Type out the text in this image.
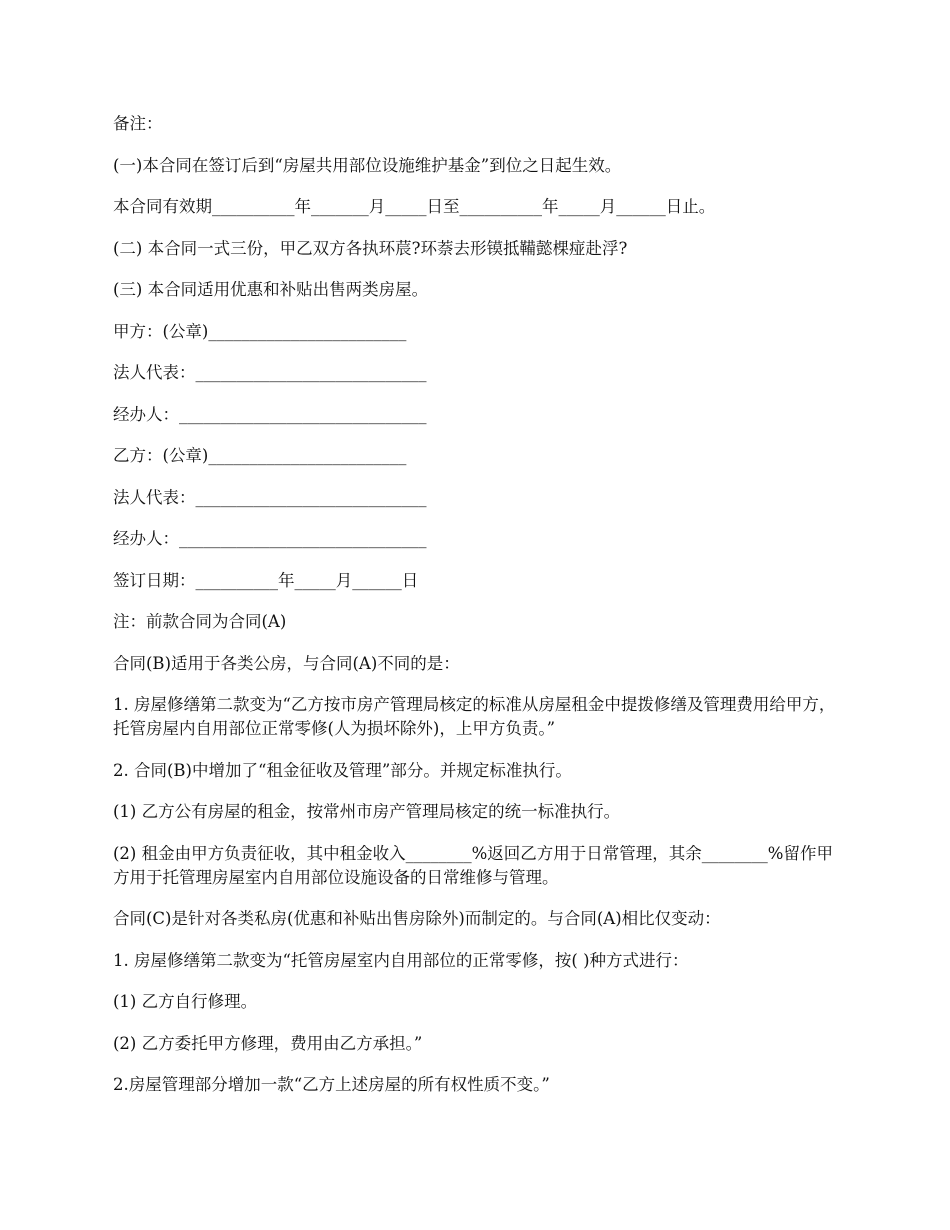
备注：

(一)本合同在签订后到“房屋共用部位设施维护基金”到位之日起生效。

本合同有效期__________年_______月_____日至__________年_____月______日止。

(二) 本合同一式三份，甲乙双方各执环莀?环萘去形镆抵鞴懿棵痖赴浮?

(三) 本合同适用优惠和补贴出售两类房屋。

甲方：(公章)________________________

法人代表：____________________________

经办人：______________________________

乙方：(公章)________________________

法人代表：____________________________

经办人：______________________________

签订日期：__________年_____月______日

注：前款合同为合同(A)

合同(B)适用于各类公房，与合同(A)不同的是：

1. 房屋修缮第二款变为“乙方按市房产管理局核定的标准从房屋租金中提拨修缮及管理费用给甲方，托管房屋内自用部位正常零修(人为损坏除外)，上甲方负责。”

2. 合同(B)中增加了“租金征收及管理”部分。并规定标准执行。

(1) 乙方公有房屋的租金，按常州市房产管理局核定的统一标准执行。

(2) 租金由甲方负责征收，其中租金收入________%返回乙方用于日常管理，其余________%留作甲方用于托管理房屋室内自用部位设施设备的日常维修与管理。

合同(C)是针对各类私房(优惠和补贴出售房除外)而制定的。与合同(A)相比仅变动：

1. 房屋修缮第二款变为“托管房屋室内自用部位的正常零修，按( )种方式进行：

(1) 乙方自行修理。

(2) 乙方委托甲方修理，费用由乙方承担。”

2.房屋管理部分增加一款“乙方上述房屋的所有权性质不变。”
